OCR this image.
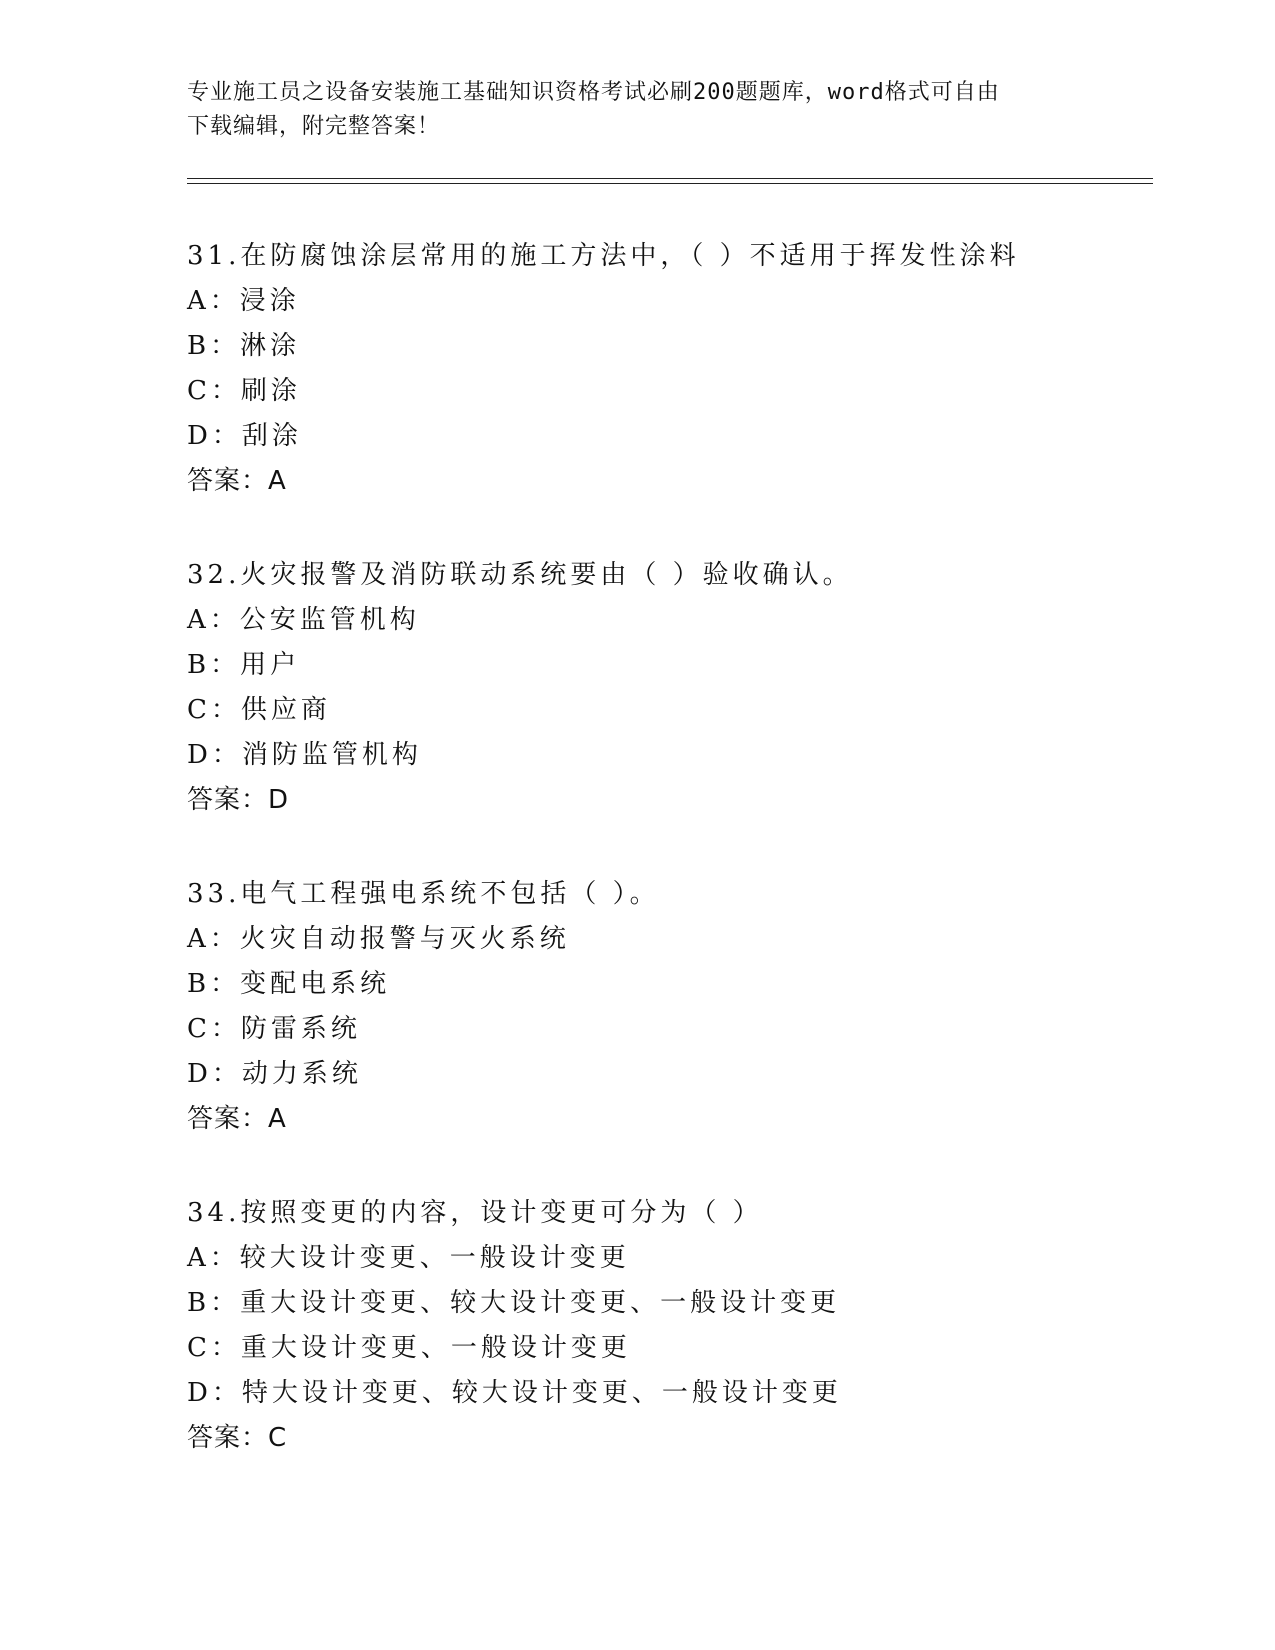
专业施工员之设备安装施工基础知识资格考试必刷200题题库，word格式可自由
下载编辑，附完整答案！
31.在防腐蚀涂层常用的施工方法中，（ ）不适用于挥发性涂料
A：浸涂
B：淋涂
C：刷涂
D：刮涂
答案：A
32.火灾报警及消防联动系统要由（ ）验收确认。
A：公安监管机构
B：用户
C：供应商
D：消防监管机构
答案：D
33.电气工程强电系统不包括（ ）。
A：火灾自动报警与灭火系统
B：变配电系统
C：防雷系统
D：动力系统
答案：A
34.按照变更的内容，设计变更可分为（ ）
A：较大设计变更、一般设计变更
B：重大设计变更、较大设计变更、一般设计变更
C：重大设计变更、一般设计变更
D：特大设计变更、较大设计变更、一般设计变更
答案：C
